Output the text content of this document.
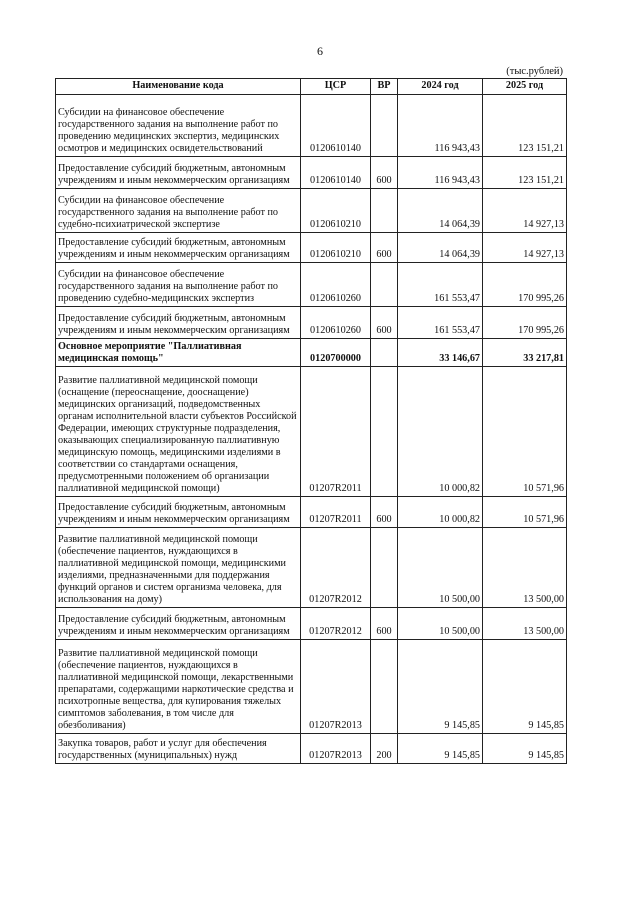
6
(тыс.рублей)
Наименование кода	ЦСР	ВР	2024 год	2025 год
Субсидии на финансовое обеспечение государственного задания на выполнение работ по проведению медицинских экспертиз, медицинских осмотров и медицинских освидетельствований	0120610140		116 943,43	123 151,21
Предоставление субсидий бюджетным, автономным учреждениям и иным некоммерческим организациям	0120610140	600	116 943,43	123 151,21
Субсидии на финансовое обеспечение государственного задания на выполнение работ по судебно-психиатрической экспертизе	0120610210		14 064,39	14 927,13
Предоставление субсидий бюджетным, автономным учреждениям и иным некоммерческим организациям	0120610210	600	14 064,39	14 927,13
Субсидии на финансовое обеспечение государственного задания на выполнение работ по проведению судебно-медицинских экспертиз	0120610260		161 553,47	170 995,26
Предоставление субсидий бюджетным, автономным учреждениям и иным некоммерческим организациям	0120610260	600	161 553,47	170 995,26
Основное мероприятие "Паллиативная медицинская помощь"	0120700000		33 146,67	33 217,81
Развитие паллиативной медицинской помощи (оснащение (переоснащение, дооснащение) медицинских организаций, подведомственных органам исполнительной власти субъектов Российской Федерации, имеющих структурные подразделения, оказывающих специализированную паллиативную медицинскую помощь, медицинскими изделиями в соответствии со стандартами оснащения, предусмотренными положением об организации паллиативной медицинской помощи)	01207R2011		10 000,82	10 571,96
Предоставление субсидий бюджетным, автономным учреждениям и иным некоммерческим организациям	01207R2011	600	10 000,82	10 571,96
Развитие паллиативной медицинской помощи (обеспечение пациентов, нуждающихся в паллиативной медицинской помощи, медицинскими изделиями, предназначенными для поддержания функций органов и систем организма человека, для использования на дому)	01207R2012		10 500,00	13 500,00
Предоставление субсидий бюджетным, автономным учреждениям и иным некоммерческим организациям	01207R2012	600	10 500,00	13 500,00
Развитие паллиативной медицинской помощи (обеспечение пациентов, нуждающихся в паллиативной медицинской помощи, лекарственными препаратами, содержащими наркотические средства и психотропные вещества, для купирования тяжелых симптомов заболевания, в том числе для обезболивания)	01207R2013		9 145,85	9 145,85
Закупка товаров, работ и услуг для обеспечения государственных (муниципальных) нужд	01207R2013	200	9 145,85	9 145,85
